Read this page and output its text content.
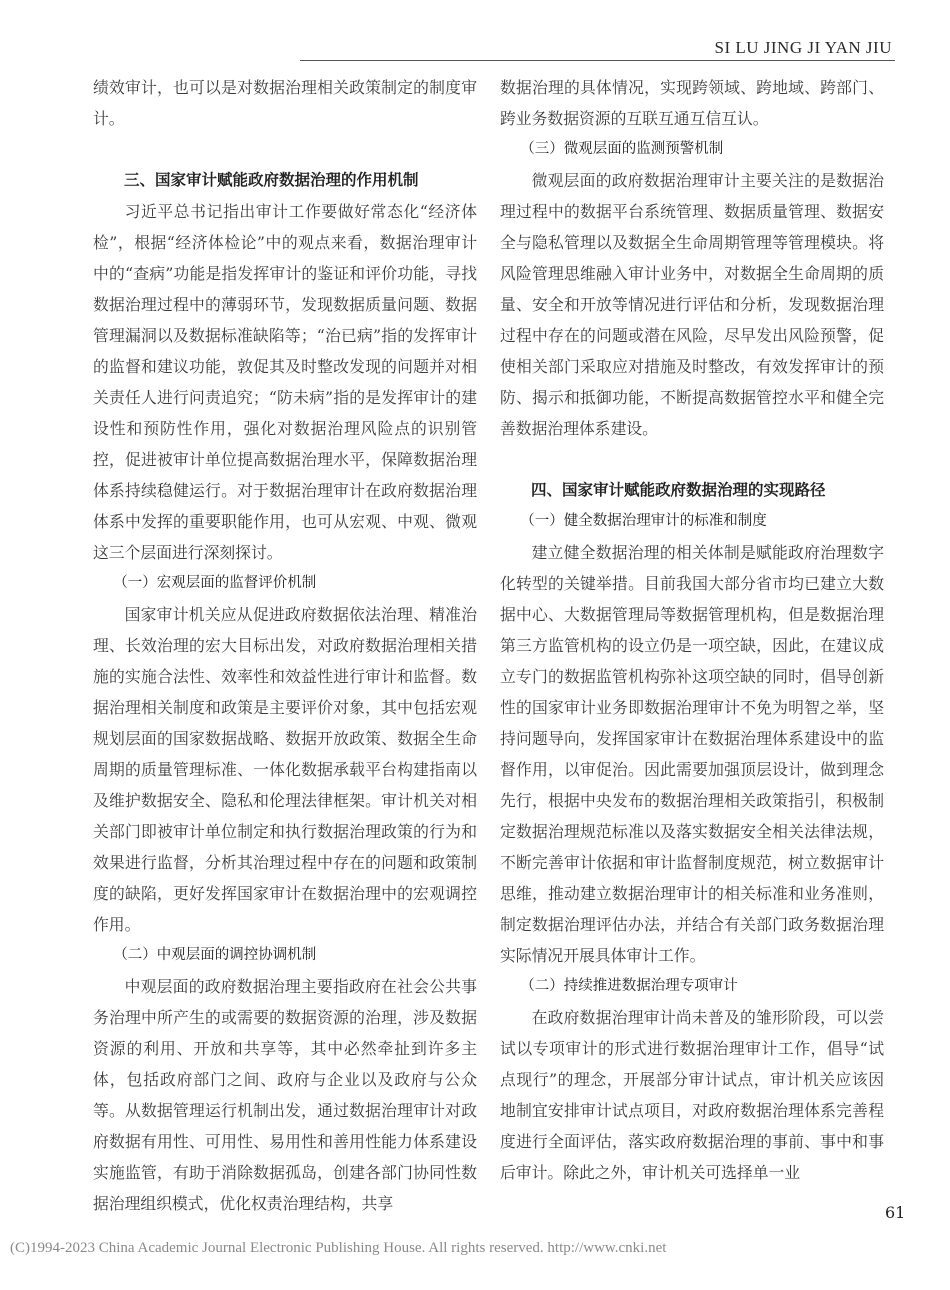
SI LU JING JI YAN JIU

绩效审计，也可以是对数据治理相关政策制定的制度审计。

三、国家审计赋能政府数据治理的作用机制

习近平总书记指出审计工作要做好常态化“经济体检”，根据“经济体检论”中的观点来看，数据治理审计中的“查病”功能是指发挥审计的鉴证和评价功能，寻找数据治理过程中的薄弱环节，发现数据质量问题、数据管理漏洞以及数据标准缺陷等；“治已病”指的发挥审计的监督和建议功能，敦促其及时整改发现的问题并对相关责任人进行问责追究；“防未病”指的是发挥审计的建设性和预防性作用，强化对数据治理风险点的识别管控，促进被审计单位提高数据治理水平，保障数据治理体系持续稳健运行。对于数据治理审计在政府数据治理体系中发挥的重要职能作用，也可从宏观、中观、微观这三个层面进行深刻探讨。

（一）宏观层面的监督评价机制

国家审计机关应从促进政府数据依法治理、精准治理、长效治理的宏大目标出发，对政府数据治理相关措施的实施合法性、效率性和效益性进行审计和监督。数据治理相关制度和政策是主要评价对象，其中包括宏观规划层面的国家数据战略、数据开放政策、数据全生命周期的质量管理标准、一体化数据承载平台构建指南以及维护数据安全、隐私和伦理法律框架。审计机关对相关部门即被审计单位制定和执行数据治理政策的行为和效果进行监督，分析其治理过程中存在的问题和政策制度的缺陷，更好发挥国家审计在数据治理中的宏观调控作用。

（二）中观层面的调控协调机制

中观层面的政府数据治理主要指政府在社会公共事务治理中所产生的或需要的数据资源的治理，涉及数据资源的利用、开放和共享等，其中必然牵扯到许多主体，包括政府部门之间、政府与企业以及政府与公众等。从数据管理运行机制出发，通过数据治理审计对政府数据有用性、可用性、易用性和善用性能力体系建设实施监管，有助于消除数据孤岛，创建各部门协同性数据治理组织模式，优化权责治理结构，共享

数据治理的具体情况，实现跨领域、跨地域、跨部门、跨业务数据资源的互联互通互信互认。

（三）微观层面的监测预警机制

微观层面的政府数据治理审计主要关注的是数据治理过程中的数据平台系统管理、数据质量管理、数据安全与隐私管理以及数据全生命周期管理等管理模块。将风险管理思维融入审计业务中，对数据全生命周期的质量、安全和开放等情况进行评估和分析，发现数据治理过程中存在的问题或潜在风险，尽早发出风险预警，促使相关部门采取应对措施及时整改，有效发挥审计的预防、揭示和抵御功能，不断提高数据管控水平和健全完善数据治理体系建设。

四、国家审计赋能政府数据治理的实现路径
（一）健全数据治理审计的标准和制度

建立健全数据治理的相关体制是赋能政府治理数字化转型的关键举措。目前我国大部分省市均已建立大数据中心、大数据管理局等数据管理机构，但是数据治理第三方监管机构的设立仍是一项空缺，因此，在建议成立专门的数据监管机构弥补这项空缺的同时，倡导创新性的国家审计业务即数据治理审计不免为明智之举，坚持问题导向，发挥国家审计在数据治理体系建设中的监督作用，以审促治。因此需要加强顶层设计，做到理念先行，根据中央发布的数据治理相关政策指引，积极制定数据治理规范标准以及落实数据安全相关法律法规，不断完善审计依据和审计监督制度规范，树立数据审计思维，推动建立数据治理审计的相关标准和业务准则，制定数据治理评估办法，并结合有关部门政务数据治理实际情况开展具体审计工作。

（二）持续推进数据治理专项审计

在政府数据治理审计尚未普及的雏形阶段，可以尝试以专项审计的形式进行数据治理审计工作，倡导“试点现行”的理念，开展部分审计试点，审计机关应该因地制宜安排审计试点项目，对政府数据治理体系完善程度进行全面评估，落实政府数据治理的事前、事中和事后审计。除此之外，审计机关可选择单一业

61
(C)1994-2023 China Academic Journal Electronic Publishing House. All rights reserved. http://www.cnki.net
